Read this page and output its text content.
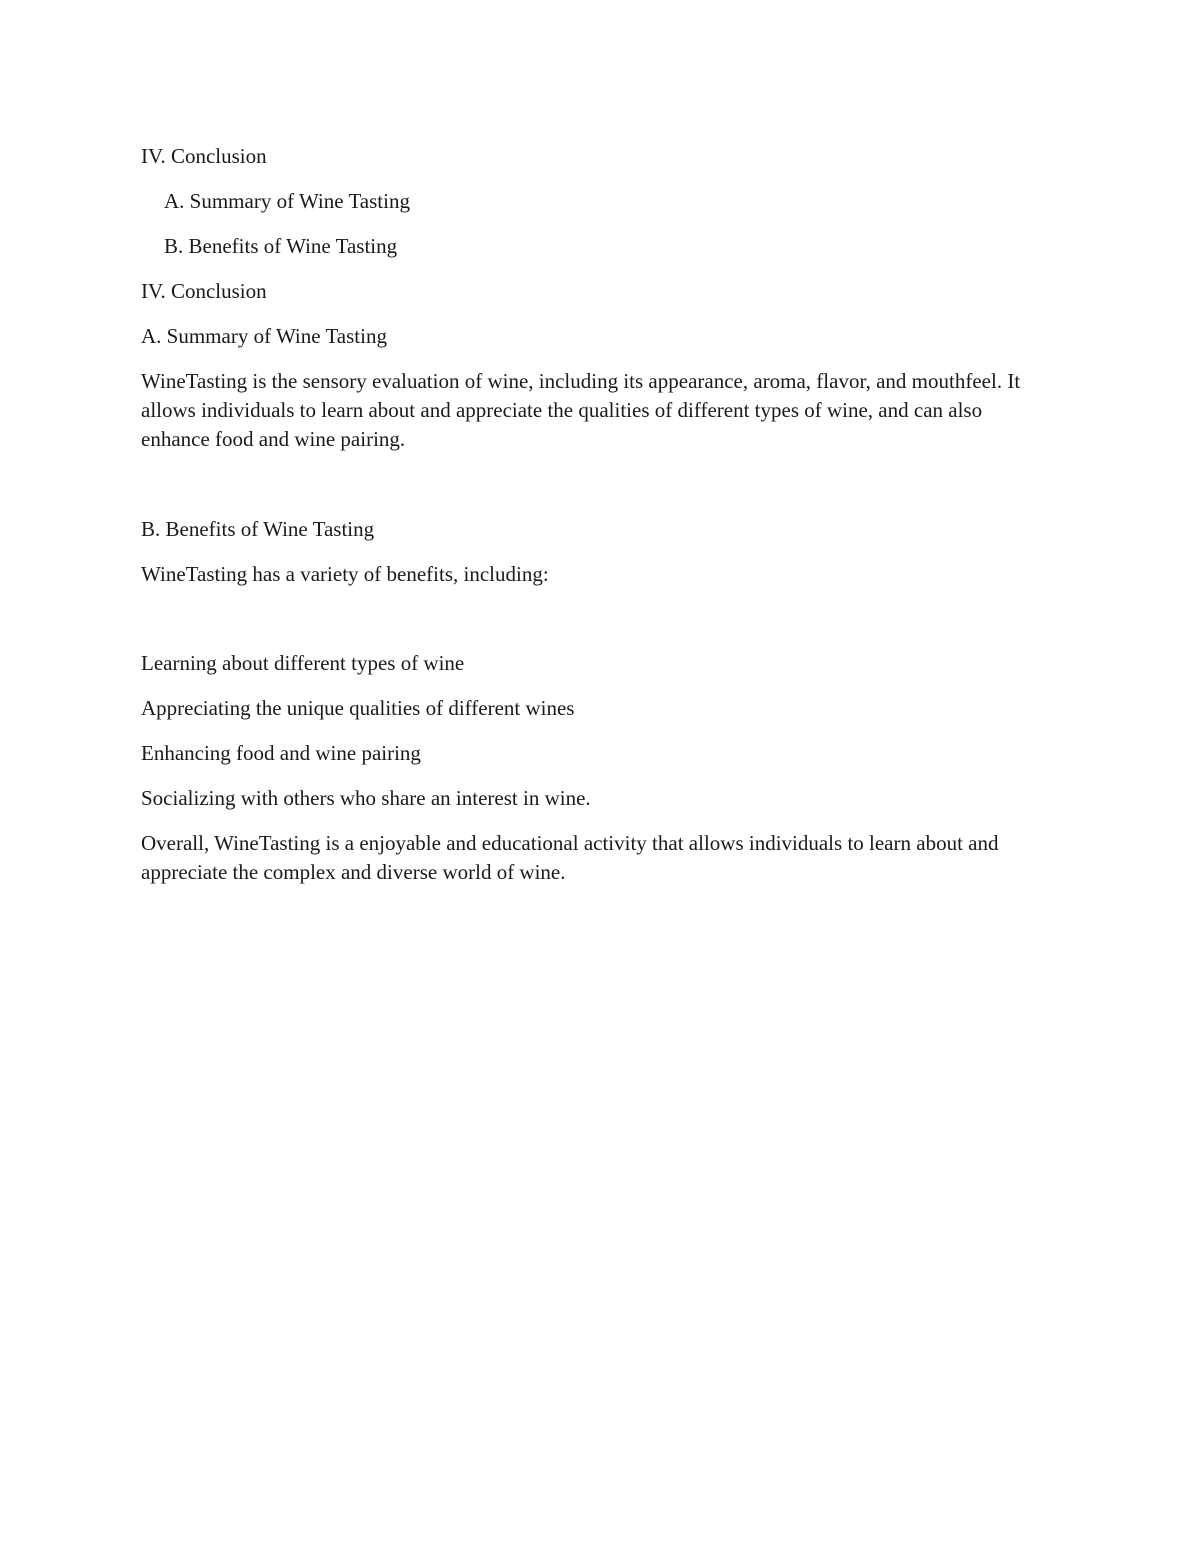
IV. Conclusion
A. Summary of Wine Tasting
B. Benefits of Wine Tasting
IV. Conclusion
A. Summary of Wine Tasting
WineTasting is the sensory evaluation of wine, including its appearance, aroma, flavor, and mouthfeel. It allows individuals to learn about and appreciate the qualities of different types of wine, and can also enhance food and wine pairing.
B. Benefits of Wine Tasting
WineTasting has a variety of benefits, including:
Learning about different types of wine
Appreciating the unique qualities of different wines
Enhancing food and wine pairing
Socializing with others who share an interest in wine.
Overall, WineTasting is a enjoyable and educational activity that allows individuals to learn about and appreciate the complex and diverse world of wine.
